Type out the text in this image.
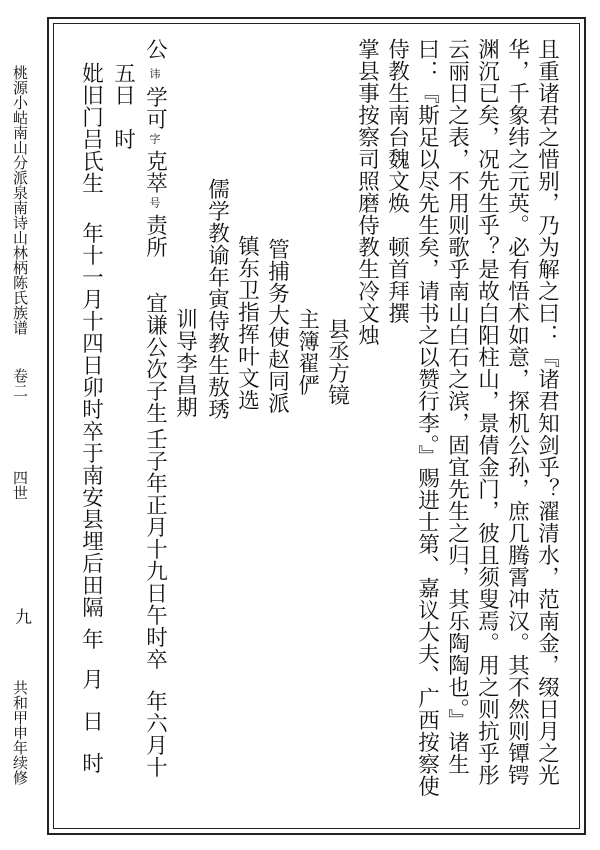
桃源小岵南山分派泉南诗山林柄陈氏族谱
卷二
四世
九
共和甲申年续修	且重诸君之惜别，乃为解之曰：『诸君知剑乎？濯清水，范南金，缀日月之光
华，千象纬之元英。必有悟术如意，探机公孙，庶几腾霄冲汉。其不然则镡锷
渊沉已矣，况先生乎？是故白阳柱山，景倩金门，彼且须叟焉。用之则抗乎彤
云丽日之表，不用则歌乎南山白石之滨，固宜先生之归，其乐陶陶也。』诸生
曰：『斯足以尽先生矣，请书之以赞行李。』赐进士第、嘉议大夫、广西按察使
侍教生南台魏文焕　顿首拜撰
掌县事按察司照磨侍教生冷文烛
县丞方镜
主簿翟俨
管捕务大使赵同派
镇东卫指挥叶文选
训导李昌期 儒学教谕年寅侍教生敖琇
公
讳
学可
字
克萃
号
责所
宜谦公次子生
壬子年正月十九日午时卒
年六月十
五日
时
妣旧门吕氏生
年十一月十四日卯时卒于南安县埋后田隔
年
月
日
时
